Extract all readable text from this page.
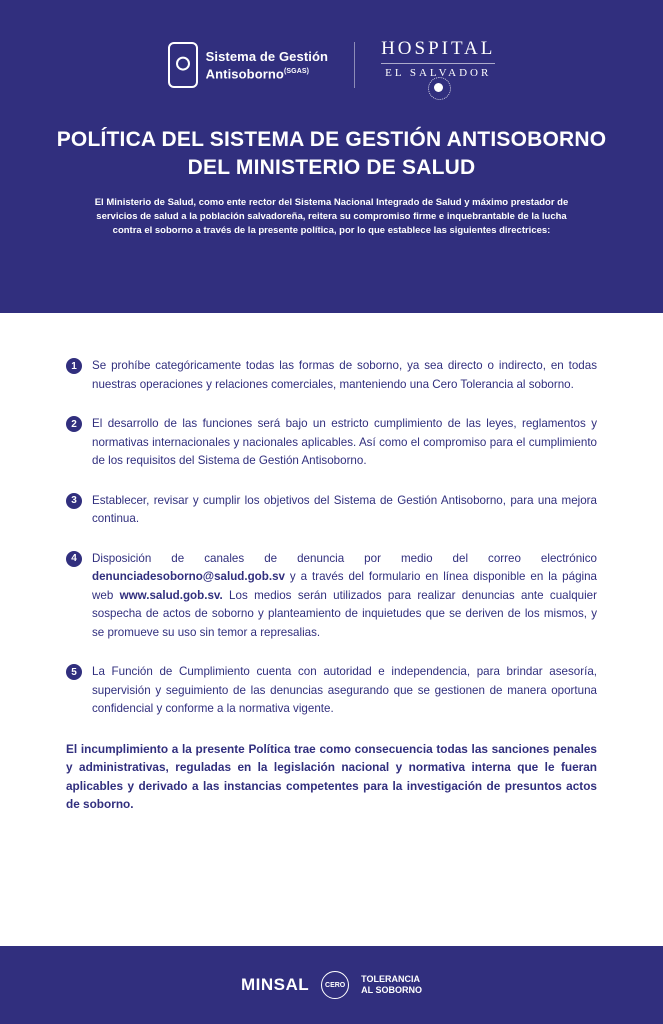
Sistema de Gestión
Antisoborno$^{(SGAS)}$
HOSPITAL
EL SALVADOR
POLÍTICA DEL SISTEMA DE GESTIÓN ANTISOBORNO DEL MINISTERIO DE SALUD
El Ministerio de Salud, como ente rector del Sistema Nacional Integrado de Salud y máximo prestador de servicios de salud a la población salvadoreña, reitera su compromiso firme e inquebrantable de la lucha contra el soborno a través de la presente política, por lo que establece las siguientes directrices:
1	Se prohíbe categóricamente todas las formas de soborno, ya sea directo o indirecto, en todas nuestras operaciones y relaciones comerciales, manteniendo una Cero Tolerancia al soborno.
2	El desarrollo de las funciones será bajo un estricto cumplimiento de las leyes, reglamentos y normativas internacionales y nacionales aplicables. Así como el compromiso para el cumplimiento de los requisitos del Sistema de Gestión Antisoborno.
3	Establecer, revisar y cumplir los objetivos del Sistema de Gestión Antisoborno, para una mejora continua.
4	Disposición de canales de denuncia por medio del correo electrónico denunciadesoborno@salud.gob.sv y a través del formulario en línea disponible en la página web www.salud.gob.sv. Los medios serán utilizados para realizar denuncias ante cualquier sospecha de actos de soborno y planteamiento de inquietudes que se deriven de los mismos, y se promueve su uso sin temor a represalias.
5	La Función de Cumplimiento cuenta con autoridad e independencia, para brindar asesoría, supervisión y seguimiento de las denuncias asegurando que se gestionen de manera oportuna confidencial y conforme a la normativa vigente.
El incumplimiento a la presente Política trae como consecuencia todas las sanciones penales y administrativas, reguladas en la legislación nacional y normativa interna que le fueran aplicables y derivado a las instancias competentes para la investigación de presuntos actos de soborno.
MINSAL	CERO
TOLERANCIA
AL SOBORNO
